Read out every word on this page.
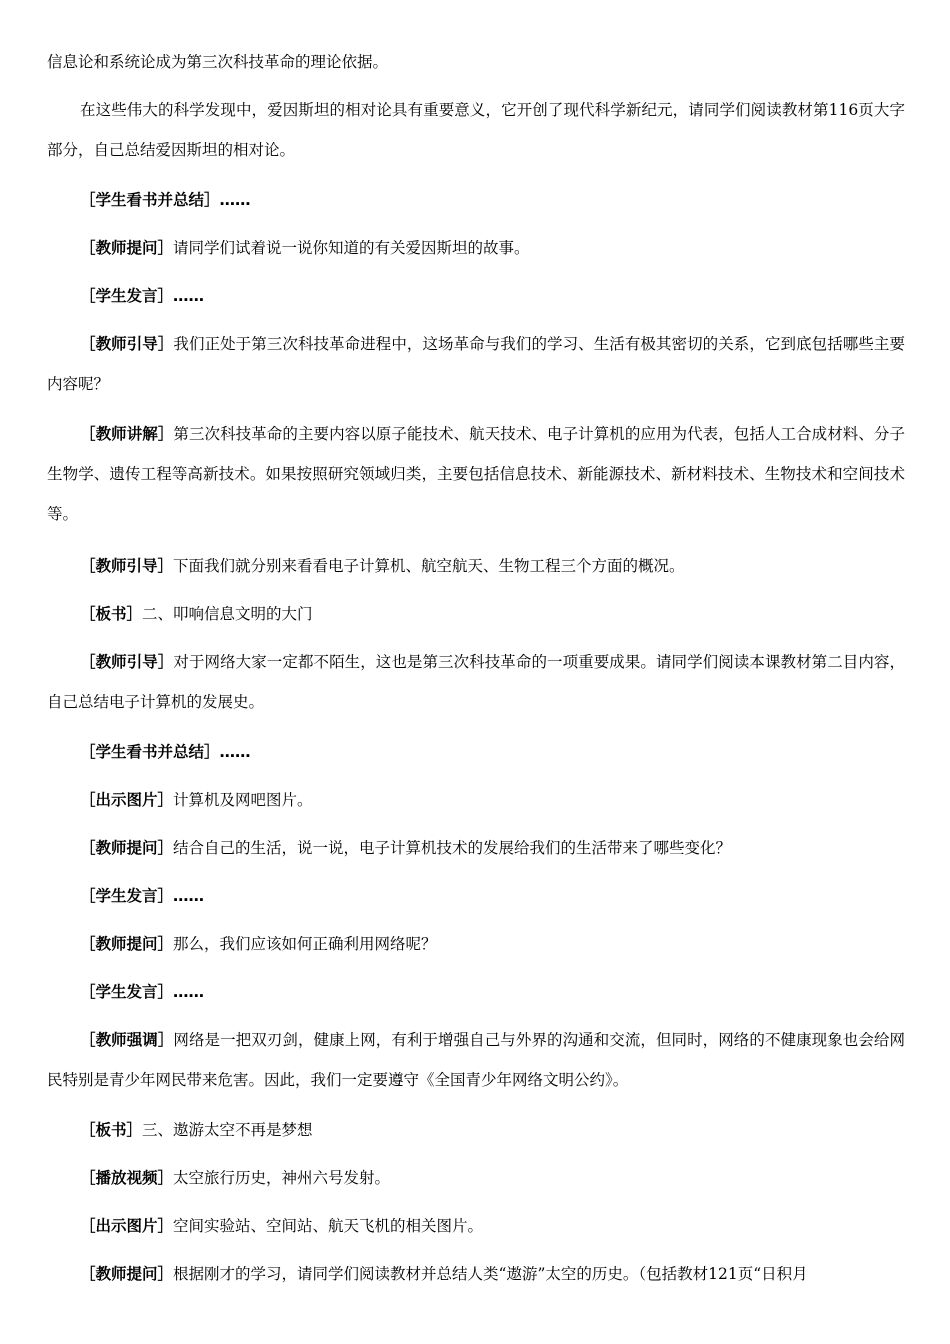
信息论和系统论成为第三次科技革命的理论依据。

在这些伟大的科学发现中，爱因斯坦的相对论具有重要意义，它开创了现代科学新纪元，请同学们阅读教材第116页大字部分，自己总结爱因斯坦的相对论。

［学生看书并总结］……

［教师提问］请同学们试着说一说你知道的有关爱因斯坦的故事。

［学生发言］……

［教师引导］我们正处于第三次科技革命进程中，这场革命与我们的学习、生活有极其密切的关系，它到底包括哪些主要内容呢？

［教师讲解］第三次科技革命的主要内容以原子能技术、航天技术、电子计算机的应用为代表，包括人工合成材料、分子生物学、遗传工程等高新技术。如果按照研究领域归类，主要包括信息技术、新能源技术、新材料技术、生物技术和空间技术等。

［教师引导］下面我们就分别来看看电子计算机、航空航天、生物工程三个方面的概况。

［板书］二、叩响信息文明的大门

［教师引导］对于网络大家一定都不陌生，这也是第三次科技革命的一项重要成果。请同学们阅读本课教材第二目内容，自己总结电子计算机的发展史。

［学生看书并总结］……

［出示图片］计算机及网吧图片。

［教师提问］结合自己的生活，说一说，电子计算机技术的发展给我们的生活带来了哪些变化？

［学生发言］……

［教师提问］那么，我们应该如何正确利用网络呢？

［学生发言］……

［教师强调］网络是一把双刃剑，健康上网，有利于增强自己与外界的沟通和交流，但同时，网络的不健康现象也会给网民特别是青少年网民带来危害。因此，我们一定要遵守《全国青少年网络文明公约》。

［板书］三、遨游太空不再是梦想

［播放视频］太空旅行历史，神州六号发射。

［出示图片］空间实验站、空间站、航天飞机的相关图片。

［教师提问］根据刚才的学习，请同学们阅读教材并总结人类“遨游”太空的历史。（包括教材121页“日积月
